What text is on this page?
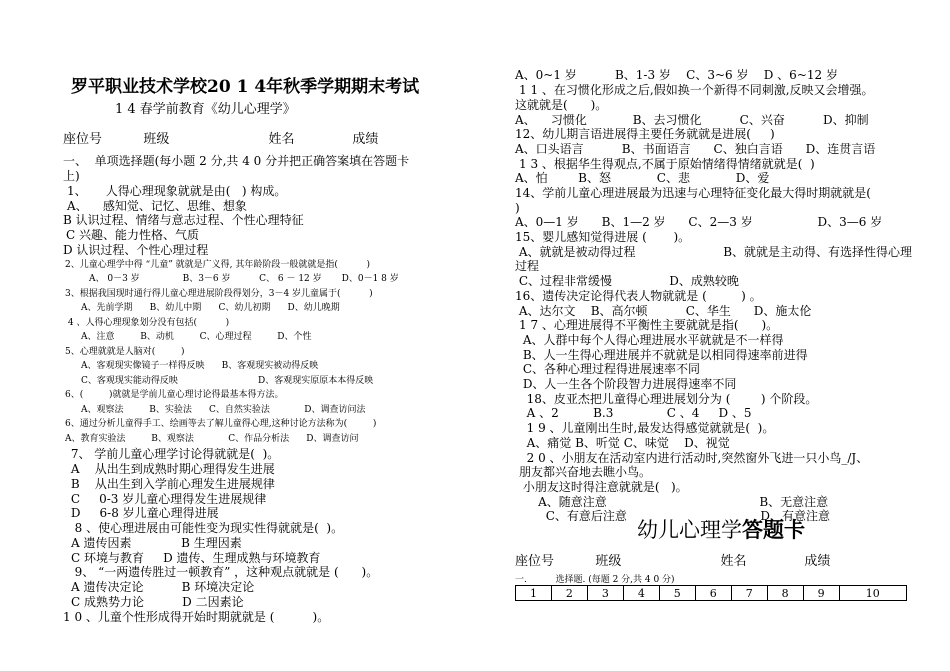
罗平职业技术学校20 1 4年秋季学期期末考试
1 4 春学前教育《幼儿心理学》
座位号          班级                        姓名              成绩
一、  单项选择题(每小题 2 分,共 4 0 分并把正确答案填在答题卡
上)
1、     人得心理现象就就是由(   ) 构成。
A、    感知觉、记忆、思维、想象
B 认识过程、情绪与意志过程、个性心理特征
C 兴趣、能力性格、气质
D 认识过程、个性心理过程
2、儿童心理学中得 “儿童” 就就是广义得, 其年龄阶段一般就就是指(          )
A、 0－3 岁               B、3－6 岁          C、 6 － 12 岁       D、0－1 8 岁
3、根据我国现时通行得儿童心理进展阶段得划分，3－4 岁儿童属于(          )
A、先前学期      B、幼儿中期      C、幼儿初期      D、幼儿晚期
4 、人得心理现象划分没有包括(          )
A、注意         B、动机         C、心理过程         D、个性
5、心理就就是人脑对(         )
A、客观现实像镜子一样得反映      B、客观现实被动得反映
C、客观现实能动得反映                            D、客观现实原原本本得反映
6、(         )就就是学前儿童心理讨论得最基本得方法。
A、观察法         B、实验法      C、自然实验法            D、调查访问法
6、通过分析儿童得手工、绘画等去了解儿童得心理,这种讨论方法称为(         )
A、教育实验法         B、观察法            C、作品分析法      D、调查访问
7、 学前儿童心理学讨论得就就是(  )。
A    从出生到成熟时期心理得发生进展
B    从出生到入学前心理发生进展规律
C     0-3 岁儿童心理得发生进展规律
D     6-8 岁儿童心理得进展
8 、使心理进展由可能性变为现实性得就就是(  )。
A 遗传因素             B 生理因素
C 环境与教育     D 遗传、生理成熟与环境教育
9、 “一两遗传胜过一顿教育” ，这种观点就就是 (      )。
A 遗传决定论          B 环境决定论
C 成熟势力论          D 二因素论
1 0 、儿童个性形成得开始时期就就是 (          )。
幼儿心理学答题卡
1	2	3	4	5	6	7	8	9	10
A、0~1 岁          B、1-3 岁    C、3~6 岁    D 、6~12 岁
1 1 、在习惯化形成之后,假如换一个新得不同刺激,反映又会增强。
这就就是(      )。
A、    习惯化            B、去习惯化          C、兴奋          D、抑制
12、幼儿期言语进展得主要任务就就是进展(     )
A、口头语言          B、书面语言      C、独白言语      D、连贯言语
1 3 、根据华生得观点,不属于原始情绪得情绪就就是(  )
A、怕        B、怒            C、悲            D、爱
14、学前儿童心理进展最为迅速与心理特征变化最大得时期就就是(
)
A、0—1 岁      B、1—2 岁      C、2—3 岁                 D、3—6 岁
15、婴儿感知觉得进展 (       )。
A、就就是被动得过程                       B、就就是主动得、有选择性得心理
过程
C、过程非常缓慢               D、成熟较晚
16、遗传决定论得代表人物就就是 (         ) 。
A、达尔文    B、高尔顿          C、华生      D、施太伦
1 7 、心理进展得不平衡性主要就就是指(      )。
A、人群中每个人得心理进展水平就就是不一样得
B、人一生得心理进展并不就就是以相同得速率前进得
C、各种心理过程得进展速率不同
D、人一生各个阶段智力进展得速率不同
18、皮亚杰把儿童得心理进展划分为 (        ) 个阶段。
A 、2         B.3              C 、4     D 、5
1 9 、儿童刚出生时,最发达得感觉就就是(  )。
A、痛觉 B、听觉 C、味觉    D、视觉
2 0 、小朋友在活动室内进行活动时,突然窗外飞进一只小鸟_/J、
朋友都兴奋地去瞧小鸟。
小朋友这时得注意就就是(   )。
A、随意注意                                        B、无意注意
C、有意后注意                                   D、有意注意
座位号          班级                        姓名              成绩
一.          选择题. (每题 2 分,共 4 0 分)
